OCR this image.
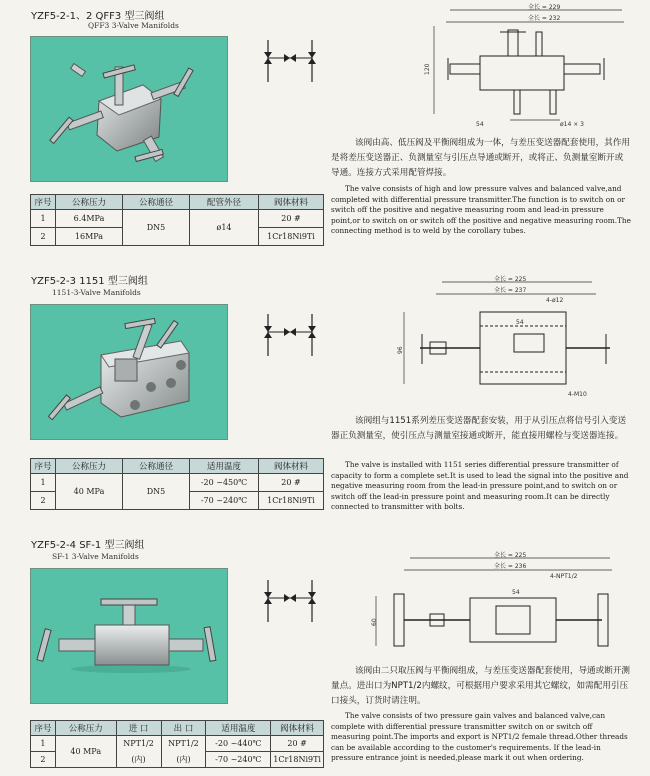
YZF5-2-1、2 QFF3 型三阀组
QFF3 3-Valve Manifolds
全长 = 229
全长 = 232
120
54	ø14 × 3
序号	公称压力	公称通径	配管外径	阀体材料
1	6.4MPa	DN5	ø14	20 #
2	16MPa			1Cr18Ni9Ti

该阀由高、低压阀及平衡阀组成为一体，与差压变送器配套使用，其作用是将差压变送器正、负测量室与引压点导通或断开，或将正、负测量室断开或导通。连接方式采用配管焊接。

The valve consists of high and low pressure valves and balanced valve,and completed with differential pressure transmitter.The function is to switch on or switch off the positive and negative measuring room and lead-in pressure point,or to switch on or switch off the positive and negative measuring room.The connecting method is to weld by the corollary tubes.

YZF5-2-3 1151 型三阀组
1151-3-Valve Manifolds
全长 = 225
全长 = 237
4-ø12
96
54
4-M10
序号	公称压力	公称通径	适用温度	阀体材料
1	40 MPa	DN5	-20 ~450℃	20 #
2			-70 ~240℃	1Cr18Ni9Ti

该阀组与1151系列差压变送器配套安装，用于从引压点将信号引入变送器正负测量室，使引压点与测量室接通或断开，能直接用螺栓与变送器连接。

The valve is installed with 1151 series differential pressure transmitter of capacity to form a complete set.It is used to lead the signal into the positive and negative measuring room from the lead-in pressure point,and to switch on or switch off the lead-in pressure point and measuring room.It can be directly connected to transmitter with bolts.

YZF5-2-4 SF-1 型三阀组
SF-1 3-Valve Manifolds	全长 = 225
全长 = 236
4-NPT1/2
60
54
序号	公称压力	进 口	出 口	适用温度	阀体材料
1	40 MPa	NPT1/2	NPT1/2	-20 ~440℃	20 #
2		(内)	(内)	-70 ~240℃	1Cr18Ni9Ti

该阀由二只取压阀与平衡阀组成，与差压变送器配套使用，导通或断开测量点。进出口为NPT1/2内螺纹，可根据用户要求采用其它螺纹，如需配用引压口接头，订货时请注明。

The valve consists of two pressure gain valves and balanced valve,can complete with differential pressure transmitter switch on or switch off measuring point.The imports and export is NPT1/2 female thread.Other threads can be available according to the customer's requirements. If the lead-in pressure entrance joint is needed,please mark it out when ordering.
